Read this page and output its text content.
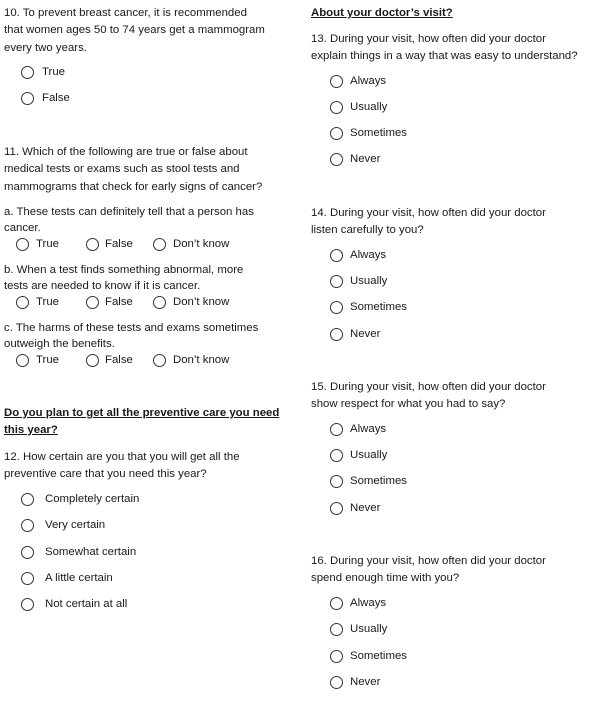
10. To prevent breast cancer, it is recommended
that women ages 50 to 74 years get a mammogram
every two years.
True
False
11. Which of the following are true or false about
medical tests or exams such as stool tests and
mammograms that check for early signs of cancer?
a. These tests can definitely tell that a person has
cancer.
True	False	Don’t know
b. When a test finds something abnormal, more
tests are needed to know if it is cancer.
True	False	Don’t know
c. The harms of these tests and exams sometimes
outweigh the benefits.
True	False	Don’t know
Do you plan to get all the preventive care you need
this year?
12. How certain are you that you will get all the
preventive care that you need this year?
Completely certain
Very certain
Somewhat certain
A little certain
Not certain at all
About your doctor’s visit?
13. During your visit, how often did your doctor
explain things in a way that was easy to understand?
Always
Usually
Sometimes
Never
14. During your visit, how often did your doctor
listen carefully to you?
Always
Usually
Sometimes
Never
15. During your visit, how often did your doctor
show respect for what you had to say?
Always
Usually
Sometimes
Never
16. During your visit, how often did your doctor
spend enough time with you?
Always
Usually
Sometimes
Never
